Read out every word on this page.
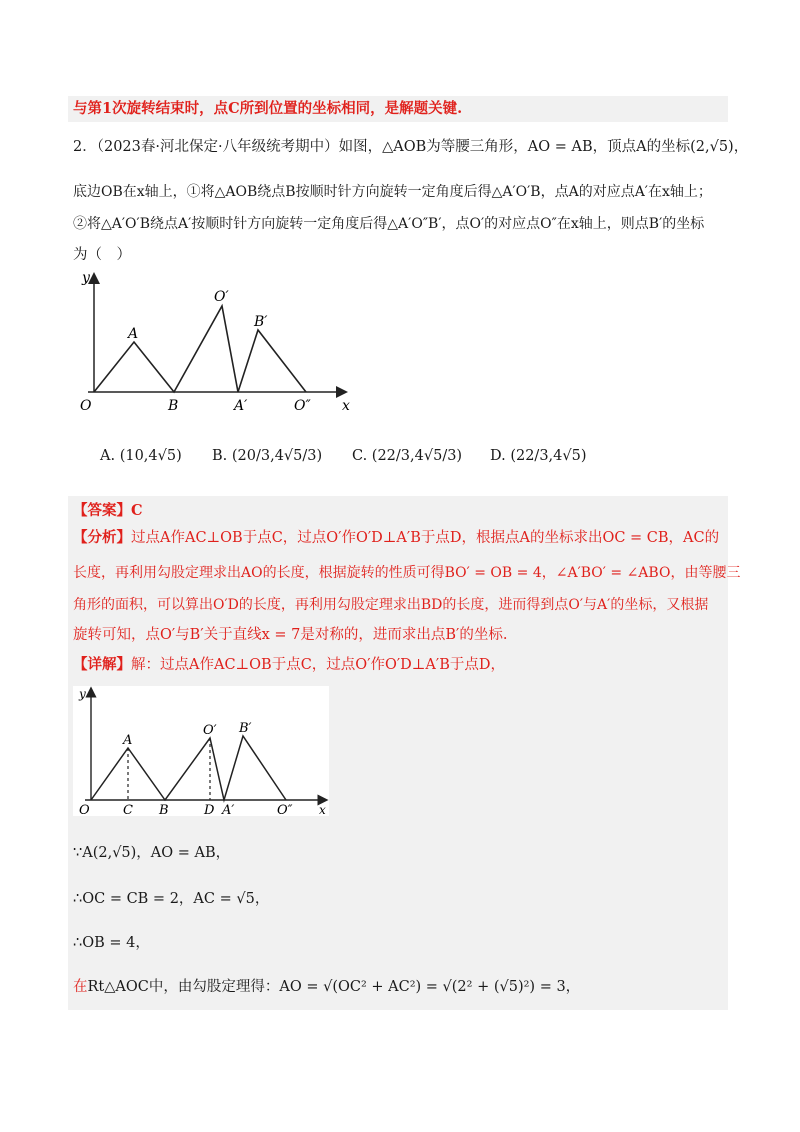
与第1次旋转结束时，点C所到位置的坐标相同，是解题关键.
2．（2023春·河北保定·八年级统考期中）如图，△AOB为等腰三角形，AO = AB，顶点A的坐标(2,√5)，
底边OB在x轴上，①将△AOB绕点B按顺时针方向旋转一定角度后得△A′O′B，点A的对应点A′在x轴上；
②将△A′O′B绕点A′按顺时针方向旋转一定角度后得△A′O″B′，点O′的对应点O″在x轴上，则点B′的坐标
为（　）
y
x
O
A
B
O′
B′
A′	O″
A. (10,4√5) B. (20/3,4√5/3) C. (22/3,4√5/3) D. (22/3,4√5)
【答案】C
【分析】过点A作AC⊥OB于点C，过点O′作O′D⊥A′B于点D，根据点A的坐标求出OC = CB，AC的
长度，再利用勾股定理求出AO的长度，根据旋转的性质可得BO′ = OB = 4，∠A′BO′ = ∠ABO，由等腰三
角形的面积，可以算出O′D的长度，再利用勾股定理求出BD的长度，进而得到点O′与A′的坐标，又根据
旋转可知，点O′与B′关于直线x = 7是对称的，进而求出点B′的坐标.
【详解】解：过点A作AC⊥OB于点C，过点O′作O′D⊥A′B于点D，
y
x
O
A
C B	D
O′ B′
A′	O″
∵A(2,√5)，AO = AB，
∴OC = CB = 2，AC = √5，
∴OB = 4，
在Rt△AOC中，由勾股定理得：AO = √(OC² + AC²) = √(2² + (√5)²) = 3，
